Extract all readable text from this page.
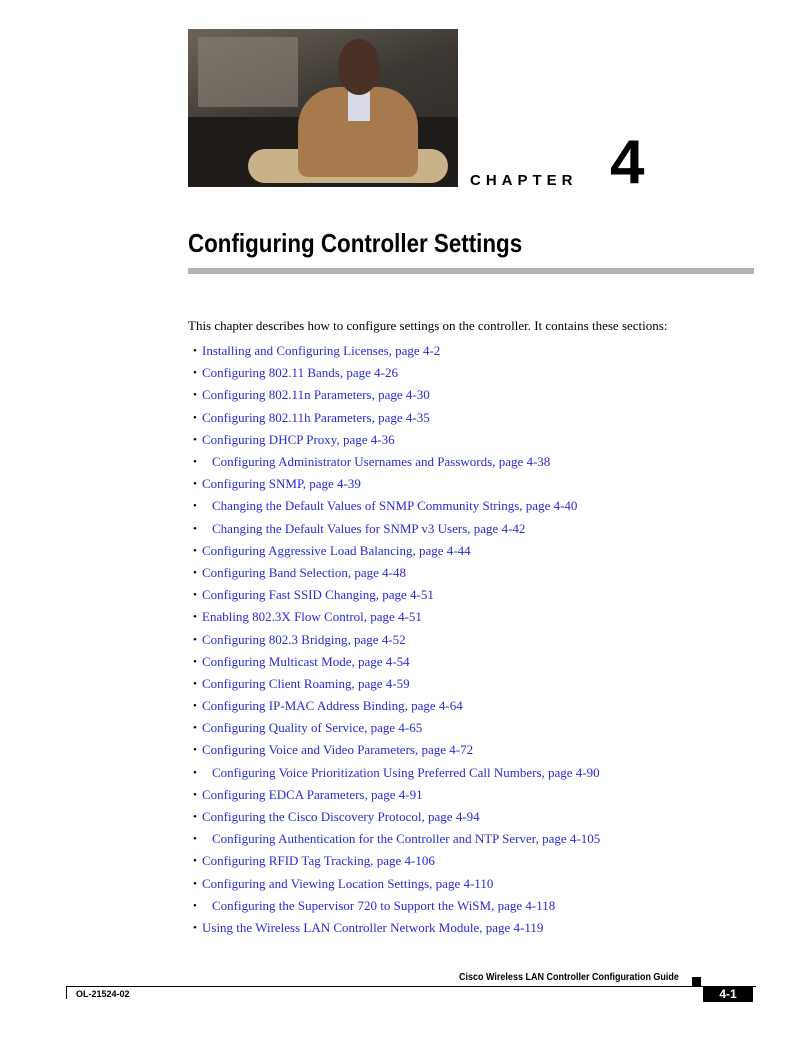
CHAPTER 4
Configuring Controller Settings
This chapter describes how to configure settings on the controller. It contains these sections:
• Installing and Configuring Licenses, page 4-2
• Configuring 802.11 Bands, page 4-26
• Configuring 802.11n Parameters, page 4-30
• Configuring 802.11h Parameters, page 4-35
• Configuring DHCP Proxy, page 4-36
•	Configuring Administrator Usernames and Passwords, page 4-38
• Configuring SNMP, page 4-39
•	Changing the Default Values of SNMP Community Strings, page 4-40
•	Changing the Default Values for SNMP v3 Users, page 4-42
• Configuring Aggressive Load Balancing, page 4-44
• Configuring Band Selection, page 4-48
• Configuring Fast SSID Changing, page 4-51
• Enabling 802.3X Flow Control, page 4-51
• Configuring 802.3 Bridging, page 4-52
• Configuring Multicast Mode, page 4-54
• Configuring Client Roaming, page 4-59
• Configuring IP-MAC Address Binding, page 4-64
• Configuring Quality of Service, page 4-65
• Configuring Voice and Video Parameters, page 4-72
•	Configuring Voice Prioritization Using Preferred Call Numbers, page 4-90
• Configuring EDCA Parameters, page 4-91
• Configuring the Cisco Discovery Protocol, page 4-94
•	Configuring Authentication for the Controller and NTP Server, page 4-105
• Configuring RFID Tag Tracking, page 4-106
• Configuring and Viewing Location Settings, page 4-110
•	Configuring the Supervisor 720 to Support the WiSM, page 4-118
• Using the Wireless LAN Controller Network Module, page 4-119
Cisco Wireless LAN Controller Configuration Guide
OL-21524-02	4-1
